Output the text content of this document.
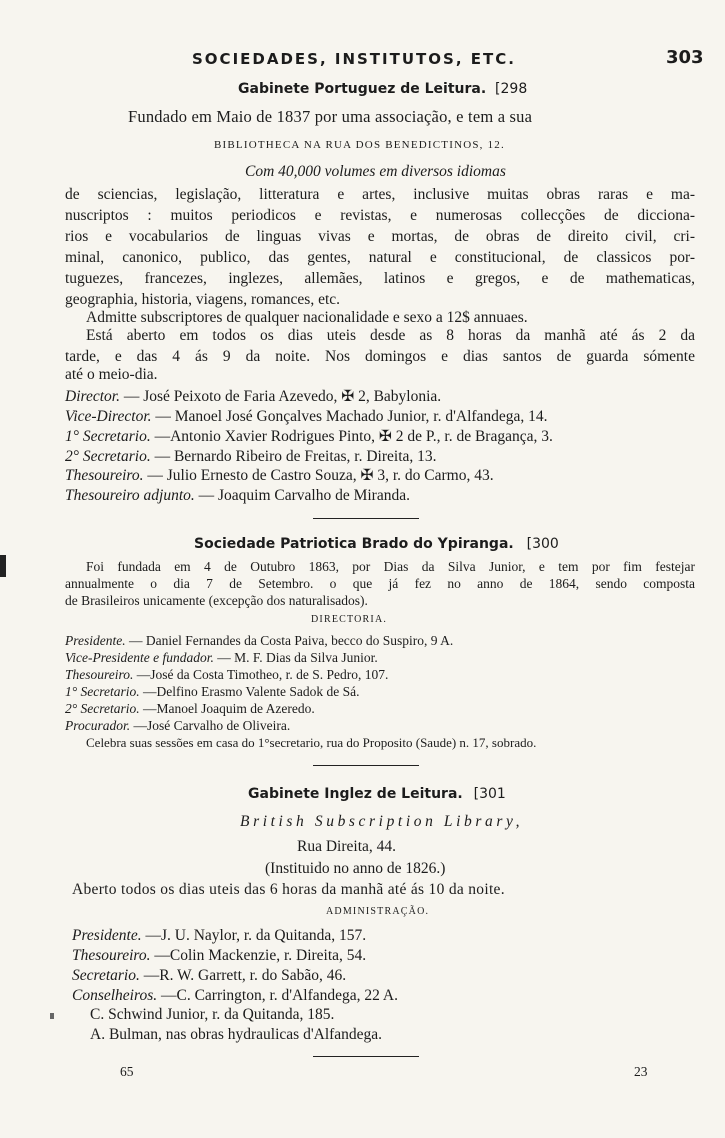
SOCIEDADES, INSTITUTOS, ETC.	303
Gabinete Portuguez de Leitura. [298
Fundado em Maio de 1837 por uma associação, e tem a sua
BIBLIOTHECA NA RUA DOS BENEDICTINOS, 12.
Com 40,000 volumes em diversos idiomas
de sciencias, legislação, litteratura e artes, inclusive muitas obras raras e ma-
nuscriptos : muitos periodicos e revistas, e numerosas collecções de dicciona-
rios e vocabularios de linguas vivas e mortas, de obras de direito civil, cri-
minal, canonico, publico, das gentes, natural e constitucional, de classicos por-
tuguezes, francezes, inglezes, allemães, latinos e gregos, e de mathematicas,
geographia, historia, viagens, romances, etc.
Admitte subscriptores de qualquer nacionalidade e sexo a 12$ annuaes.
Está aberto em todos os dias uteis desde as 8 horas da manhã até ás 2 da
tarde, e das 4 ás 9 da noite. Nos domingos e dias santos de guarda sómente
até o meio-dia.
Director. — José Peixoto de Faria Azevedo, ✠ 2, Babylonia.
Vice-Director. — Manoel José Gonçalves Machado Junior, r. d'Alfandega, 14.
1° Secretario. —Antonio Xavier Rodrigues Pinto, ✠ 2 de P., r. de Bragança, 3.
2° Secretario. — Bernardo Ribeiro de Freitas, r. Direita, 13.
Thesoureiro. — Julio Ernesto de Castro Souza, ✠ 3, r. do Carmo, 43.
Thesoureiro adjunto. — Joaquim Carvalho de Miranda.
Sociedade Patriotica Brado do Ypiranga. [300
Foi fundada em 4 de Outubro 1863, por Dias da Silva Junior, e tem por fim festejar
annualmente o dia 7 de Setembro. o que já fez no anno de 1864, sendo composta
de Brasileiros unicamente (excepção dos naturalisados).
DIRECTORIA.
Presidente. — Daniel Fernandes da Costa Paiva, becco do Suspiro, 9 A.
Vice-Presidente e fundador. — M. F. Dias da Silva Junior.
Thesoureiro. —José da Costa Timotheo, r. de S. Pedro, 107.
1° Secretario. —Delfino Erasmo Valente Sadok de Sá.
2° Secretario. —Manoel Joaquim de Azeredo.
Procurador. —José Carvalho de Oliveira.
Celebra suas sessões em casa do 1°secretario, rua do Proposito (Saude) n. 17, sobrado.
Gabinete Inglez de Leitura. [301
British Subscription Library,
Rua Direita, 44.
(Instituido no anno de 1826.)
Aberto todos os dias uteis das 6 horas da manhã até ás 10 da noite.
ADMINISTRAÇÃO.
Presidente. —J. U. Naylor, r. da Quitanda, 157.
Thesoureiro. —Colin Mackenzie, r. Direita, 54.
Secretario. —R. W. Garrett, r. do Sabão, 46.
Conselheiros. —C. Carrington, r. d'Alfandega, 22 A.
C. Schwind Junior, r. da Quitanda, 185.
A. Bulman, nas obras hydraulicas d'Alfandega.
65	23
